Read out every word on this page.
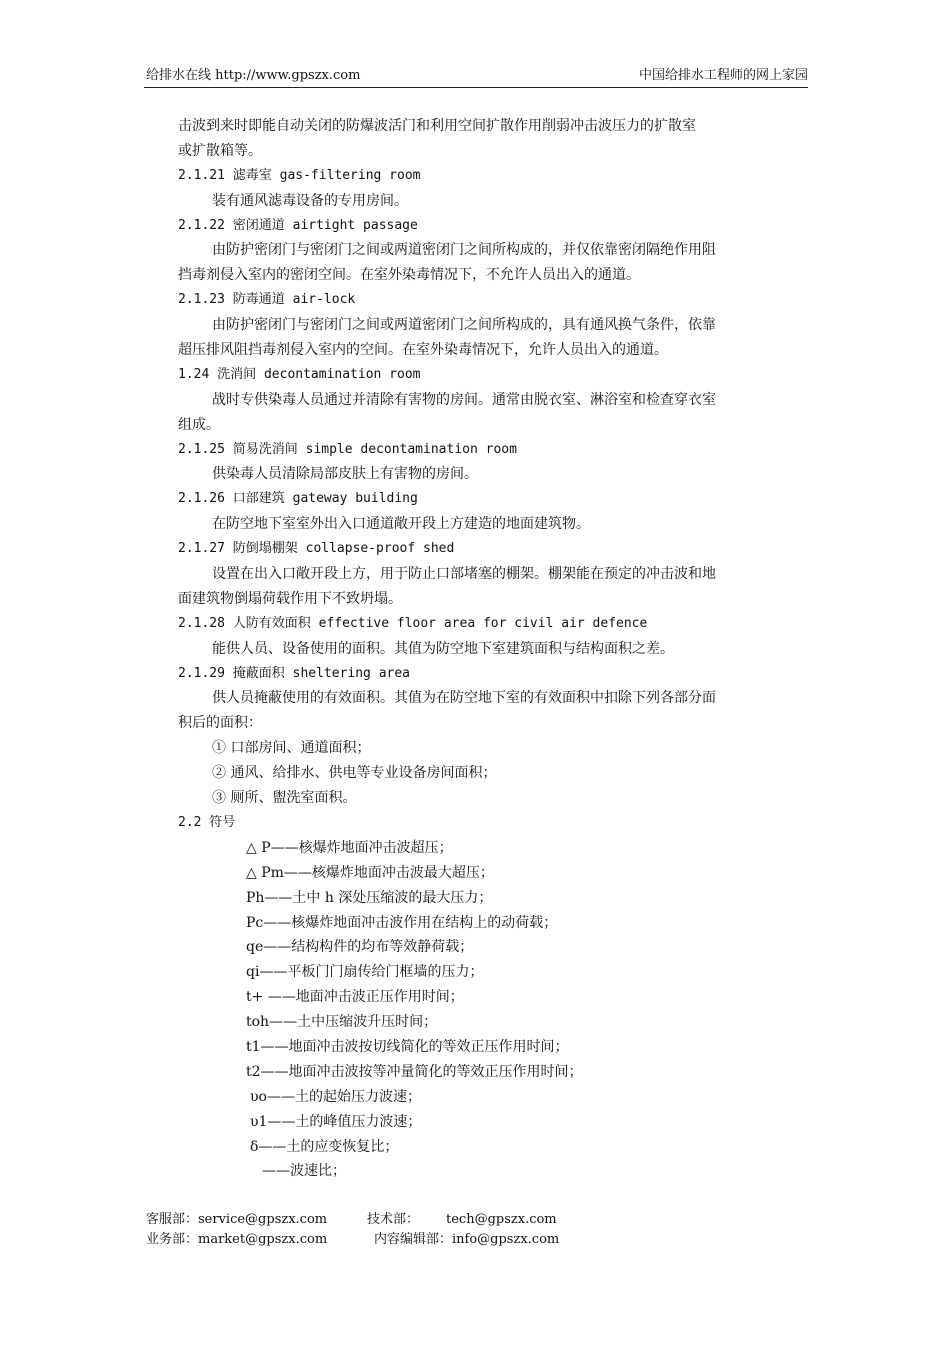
给排水在线 http://www.gpszx.com	中国给排水工程师的网上家园
击波到来时即能自动关闭的防爆波活门和利用空间扩散作用削弱冲击波压力的扩散室
或扩散箱等。
2.1.21 滤毒室 gas-filtering room
装有通风滤毒设备的专用房间。
2.1.22 密闭通道 airtight passage
由防护密闭门与密闭门之间或两道密闭门之间所构成的，并仅依靠密闭隔绝作用阻
挡毒剂侵入室内的密闭空间。在室外染毒情况下，不允许人员出入的通道。
2.1.23 防毒通道 air-lock
由防护密闭门与密闭门之间或两道密闭门之间所构成的，具有通风换气条件，依靠
超压排风阻挡毒剂侵入室内的空间。在室外染毒情况下，允许人员出入的通道。
1.24 洗消间 decontamination room
战时专供染毒人员通过并清除有害物的房间。通常由脱衣室、淋浴室和检查穿衣室
组成。
2.1.25 简易洗消间 simple decontamination room
供染毒人员清除局部皮肤上有害物的房间。
2.1.26 口部建筑 gateway building
在防空地下室室外出入口通道敞开段上方建造的地面建筑物。
2.1.27 防倒塌棚架 collapse-proof shed
设置在出入口敞开段上方，用于防止口部堵塞的棚架。棚架能在预定的冲击波和地
面建筑物倒塌荷载作用下不致坍塌。
2.1.28 人防有效面积 effective floor area for civil air defence
能供人员、设备使用的面积。其值为防空地下室建筑面积与结构面积之差。
2.1.29 掩蔽面积 sheltering area
供人员掩蔽使用的有效面积。其值为在防空地下室的有效面积中扣除下列各部分面
积后的面积：
① 口部房间、通道面积；
② 通风、给排水、供电等专业设备房间面积；
③ 厕所、盥洗室面积。
2.2 符号
△ P——核爆炸地面冲击波超压；
△ Pm——核爆炸地面冲击波最大超压；
Ph——土中 h 深处压缩波的最大压力；
Pc——核爆炸地面冲击波作用在结构上的动荷载；
qe——结构构件的均布等效静荷载；
qi——平板门门扇传给门框墙的压力；
t+ ——地面冲击波正压作用时间；
toh——土中压缩波升压时间；
t1——地面冲击波按切线简化的等效正压作用时间；
t2——地面冲击波按等冲量简化的等效正压作用时间；
υo——土的起始压力波速；
υ1——土的峰值压力波速；
δ——土的应变恢复比；
——波速比；
客服部：service@gpszx.com	技术部： tech@gpszx.com
业务部：market@gpszx.com	内容编辑部：info@gpszx.com
